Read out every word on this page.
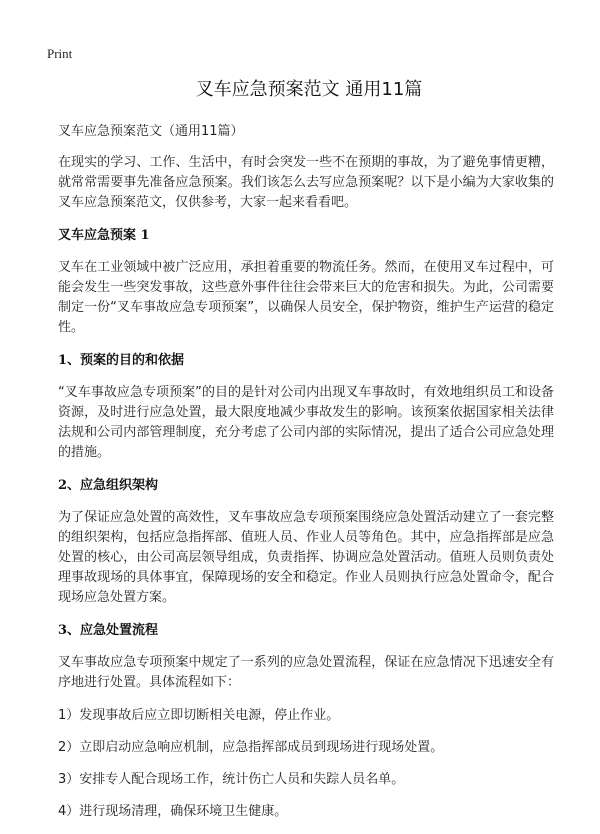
Print
叉车应急预案范文 通用11篇

叉车应急预案范文（通用11篇）

在现实的学习、工作、生活中，有时会突发一些不在预期的事故，为了避免事情更糟，就常常需要事先准备应急预案。我们该怎么去写应急预案呢？以下是小编为大家收集的叉车应急预案范文，仅供参考，大家一起来看看吧。

叉车应急预案 1

叉车在工业领域中被广泛应用，承担着重要的物流任务。然而，在使用叉车过程中，可能会发生一些突发事故，这些意外事件往往会带来巨大的危害和损失。为此，公司需要制定一份“叉车事故应急专项预案”，以确保人员安全，保护物资，维护生产运营的稳定性。

1、预案的目的和依据

“叉车事故应急专项预案”的目的是针对公司内出现叉车事故时，有效地组织员工和设备资源，及时进行应急处置，最大限度地减少事故发生的影响。该预案依据国家相关法律法规和公司内部管理制度，充分考虑了公司内部的实际情况，提出了适合公司应急处理的措施。

2、应急组织架构

为了保证应急处置的高效性，叉车事故应急专项预案围绕应急处置活动建立了一套完整的组织架构，包括应急指挥部、值班人员、作业人员等角色。其中，应急指挥部是应急处置的核心，由公司高层领导组成，负责指挥、协调应急处置活动。值班人员则负责处理事故现场的具体事宜，保障现场的安全和稳定。作业人员则执行应急处置命令，配合现场应急处置方案。

3、应急处置流程

叉车事故应急专项预案中规定了一系列的应急处置流程，保证在应急情况下迅速安全有序地进行处置。具体流程如下：

1）发现事故后应立即切断相关电源，停止作业。

2）立即启动应急响应机制，应急指挥部成员到现场进行现场处置。

3）安排专人配合现场工作，统计伤亡人员和失踪人员名单。

4）进行现场清理，确保环境卫生健康。
